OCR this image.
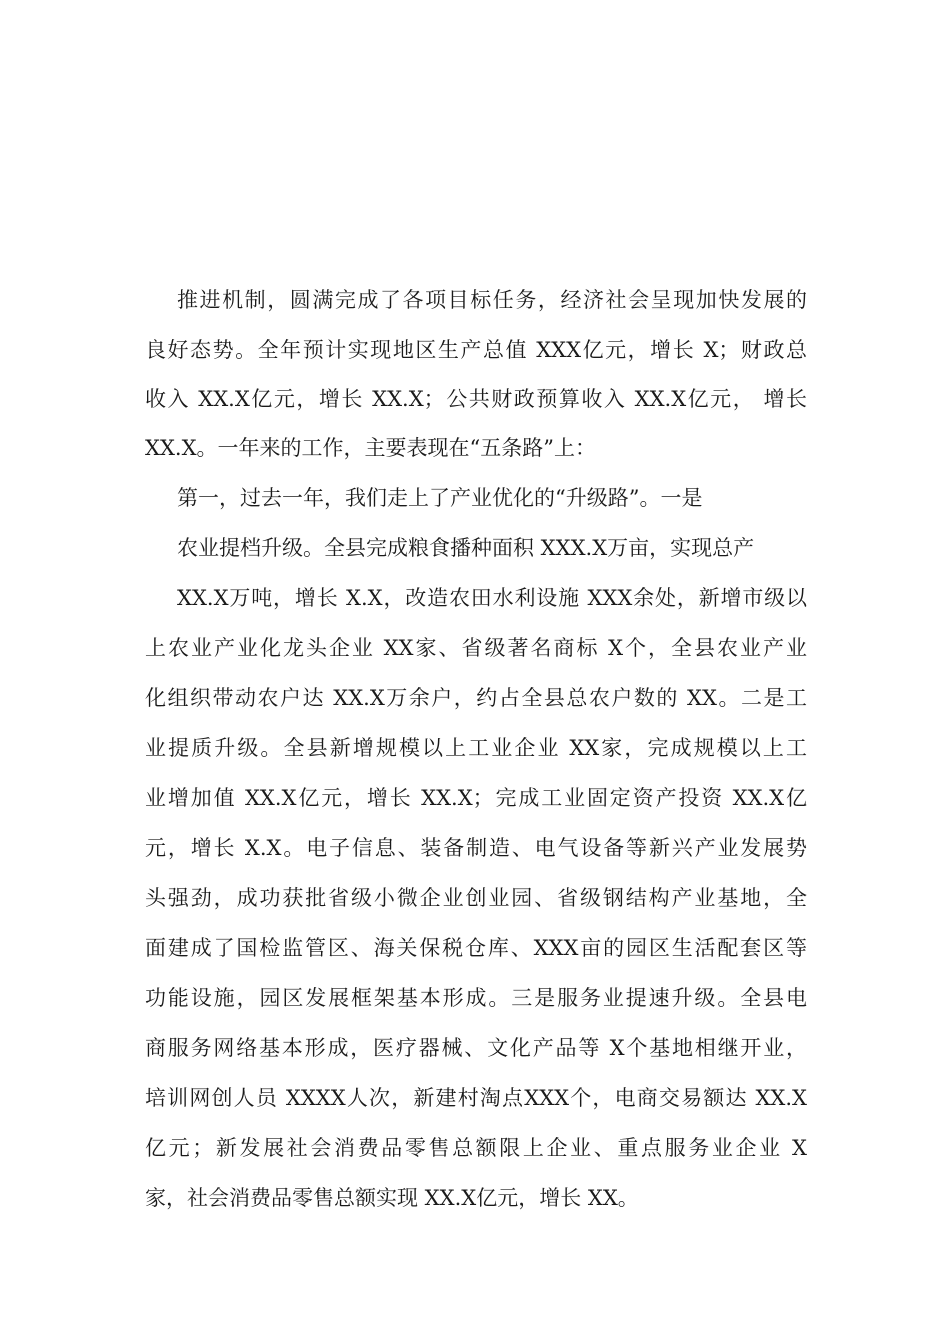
推进机制，圆满完成了各项目标任务，经济社会呈现加快发展的
良好态势。全年预计实现地区生产总值 XXX亿元，增长 X；财政总
收入 XX.X亿元，增长 XX.X；公共财政预算收入 XX.X亿元， 增长
XX.X。一年来的工作，主要表现在“五条路”上：
第一，过去一年，我们走上了产业优化的“升级路”。一是
农业提档升级。全县完成粮食播种面积 XXX.X万亩，实现总产
XX.X万吨，增长 X.X，改造农田水利设施 XXX余处，新增市级以
上农业产业化龙头企业 XX家、省级著名商标 X个，全县农业产业
化组织带动农户达 XX.X万余户，约占全县总农户数的 XX。二是工
业提质升级。全县新增规模以上工业企业 XX家，完成规模以上工
业增加值 XX.X亿元，增长 XX.X；完成工业固定资产投资 XX.X亿
元，增长 X.X。电子信息、装备制造、电气设备等新兴产业发展势
头强劲，成功获批省级小微企业创业园、省级钢结构产业基地，全
面建成了国检监管区、海关保税仓库、XXX亩的园区生活配套区等
功能设施，园区发展框架基本形成。三是服务业提速升级。全县电
商服务网络基本形成，医疗器械、文化产品等 X个基地相继开业，
培训网创人员 XXXX人次，新建村淘点XXX个，电商交易额达 XX.X
亿元；新发展社会消费品零售总额限上企业、重点服务业企业 X
家，社会消费品零售总额实现 XX.X亿元，增长 XX。
